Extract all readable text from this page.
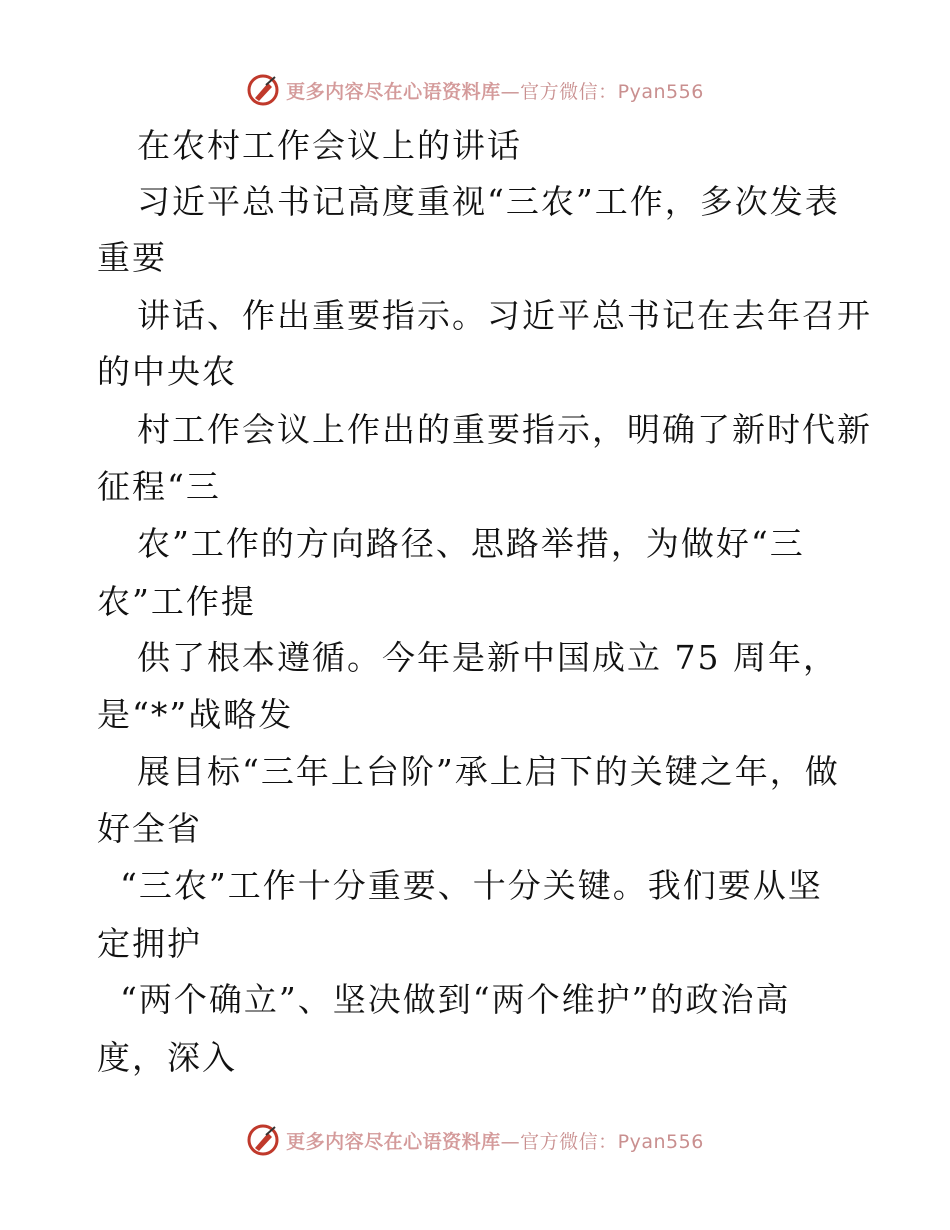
更多内容尽在心语资料库—官方微信：Pyan556
在农村工作会议上的讲话
习近平总书记高度重视“三农”工作，多次发表
重要
讲话、作出重要指示。习近平总书记在去年召开
的中央农
村工作会议上作出的重要指示，明确了新时代新
征程“三
农”工作的方向路径、思路举措，为做好“三
农”工作提
供了根本遵循。今年是新中国成立 75 周年，
是“*”战略发
展目标“三年上台阶”承上启下的关键之年，做
好全省
“三农”工作十分重要、十分关键。我们要从坚
定拥护
“两个确立”、坚决做到“两个维护”的政治高
度，深入
更多内容尽在心语资料库—官方微信：Pyan556
